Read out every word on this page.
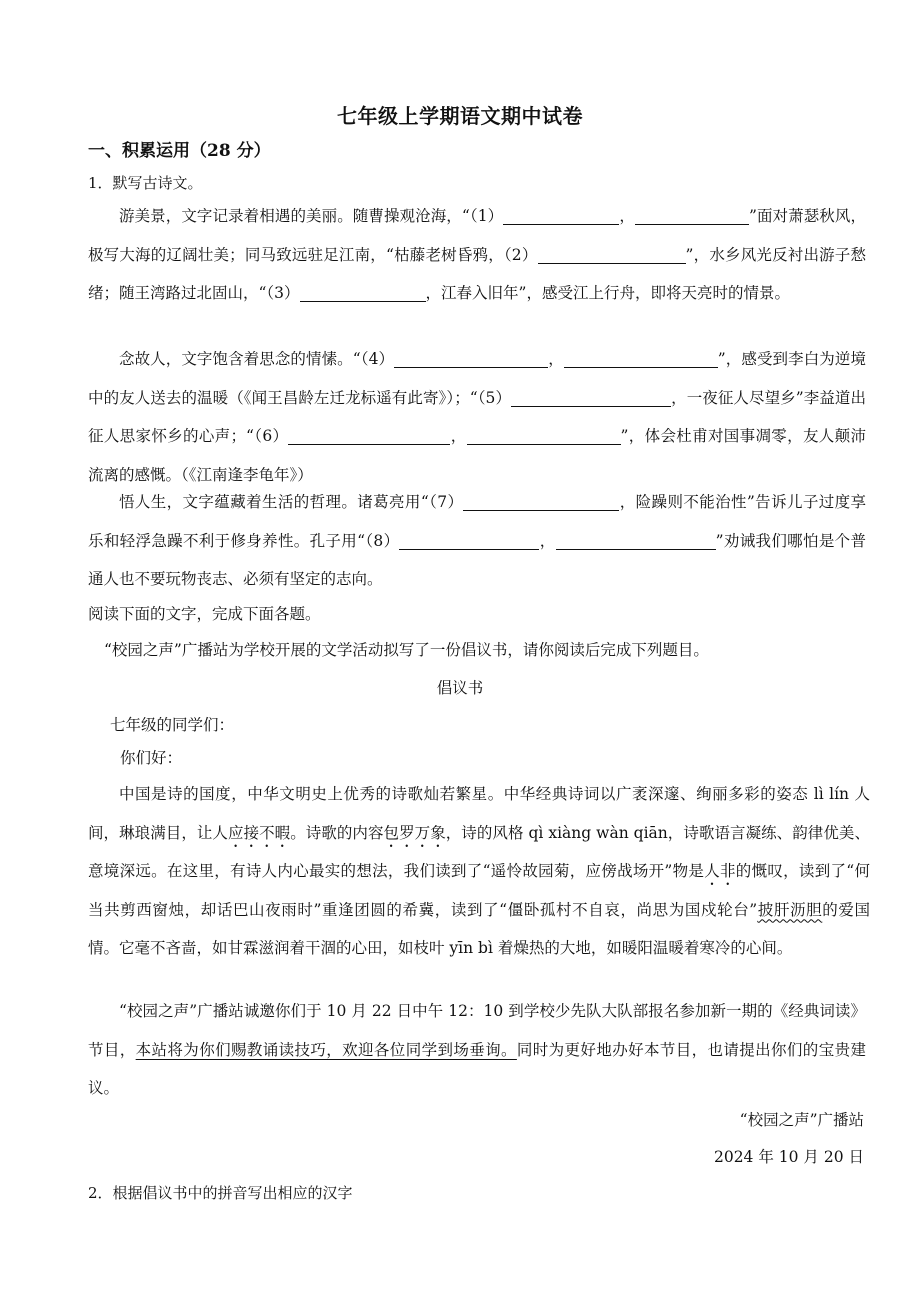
七年级上学期语文期中试卷
一、积累运用（28 分）
1．默写古诗文。

游美景，文字记录着相遇的美丽。随曹操观沧海，“（1）	，	”面对萧瑟秋风，极写大海的辽阔壮美；同马致远驻足江南，“枯藤老树昏鸦，（2）	”，水乡风光反衬出游子愁绪；随王湾路过北固山，“（3）	，江春入旧年”，感受江上行舟，即将天亮时的情景。

念故人，文字饱含着思念的情愫。“（4）	，	”，感受到李白为逆境中的友人送去的温暖（《闻王昌龄左迁龙标遥有此寄》）；“（5）	，一夜征人尽望乡”李益道出征人思家怀乡的心声；“（6）	，	”，体会杜甫对国事凋零，友人颠沛流离的感慨。（《江南逢李龟年》）

悟人生，文字蕴藏着生活的哲理。诸葛亮用“（7）	，险躁则不能治性”告诉儿子过度享乐和轻浮急躁不利于修身养性。孔子用“（8）	，	”劝诫我们哪怕是个普通人也不要玩物丧志、必须有坚定的志向。

阅读下面的文字，完成下面各题。
“校园之声”广播站为学校开展的文学活动拟写了一份倡议书，请你阅读后完成下列题目。
倡议书
七年级的同学们：
你们好：

中国是诗的国度，中华文明史上优秀的诗歌灿若繁星。中华经典诗词以广袤深邃、绚丽多彩的姿态 lì lín 人间，琳琅满目，让人应接不暇。诗歌的内容包罗万象，诗的风格 qì xiàng wàn qiān，诗歌语言凝练、韵律优美、意境深远。在这里，有诗人内心最实的想法，我们读到了“遥怜故园菊，应傍战场开”物是人非的慨叹，读到了“何当共剪西窗烛，却话巴山夜雨时”重逢团圆的希冀，读到了“僵卧孤村不自哀，尚思为国戍轮台”披肝沥胆的爱国情。它毫不吝啬，如甘霖滋润着干涸的心田，如枝叶 yīn bì 着燥热的大地，如暖阳温暖着寒冷的心间。

“校园之声”广播站诚邀你们于 10 月 22 日中午 12：10 到学校少先队大队部报名参加新一期的《经典词读》节目，本站将为你们赐教诵读技巧，欢迎各位同学到场垂询。同时为更好地办好本节目，也请提出你们的宝贵建议。

“校园之声”广播站
2024 年 10 月 20 日
2．根据倡议书中的拼音写出相应的汉字
